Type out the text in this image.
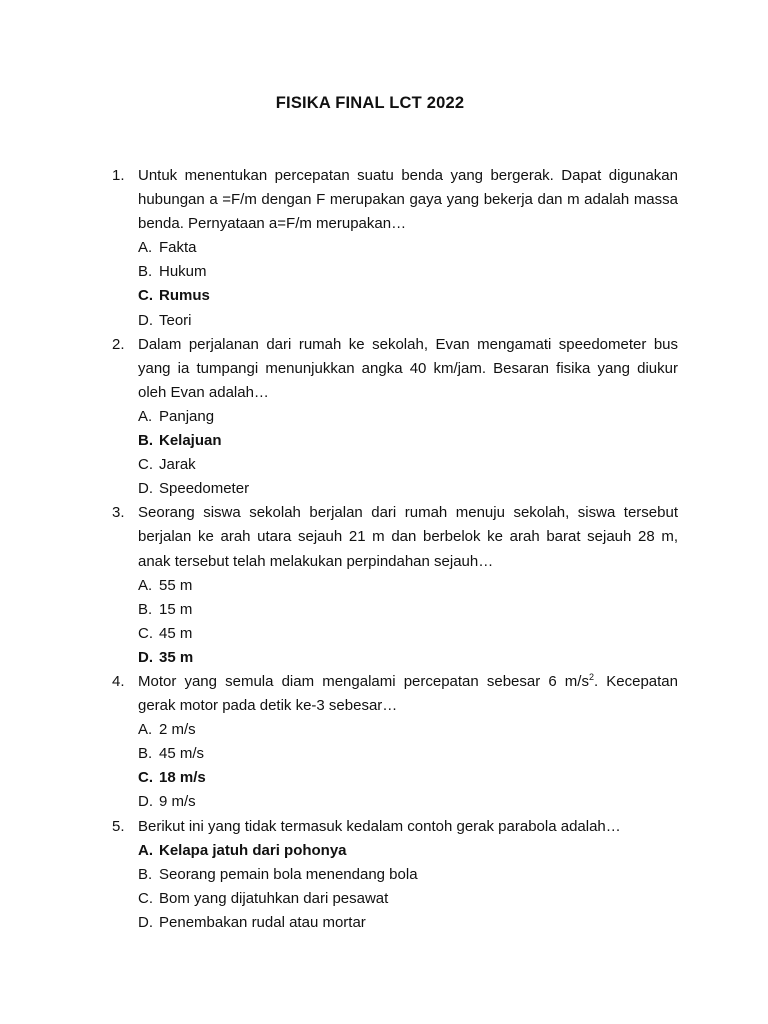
FISIKA FINAL LCT 2022
1. Untuk menentukan percepatan suatu benda yang bergerak. Dapat digunakan hubungan a =F/m dengan F merupakan gaya yang bekerja dan m adalah massa benda. Pernyataan a=F/m merupakan…

A. Fakta
B. Hukum
C. Rumus
D. Teori
2. Dalam perjalanan dari rumah ke sekolah, Evan mengamati speedometer bus yang ia tumpangi menunjukkan angka 40 km/jam. Besaran fisika yang diukur oleh Evan adalah…

A. Panjang
B. Kelajuan
C. Jarak
D. Speedometer
3. Seorang siswa sekolah berjalan dari rumah menuju sekolah, siswa tersebut berjalan ke arah utara sejauh 21 m dan berbelok ke arah barat sejauh 28 m, anak tersebut telah melakukan perpindahan sejauh…

A. 55 m
B. 15 m
C. 45 m
D. 35 m
4. Motor yang semula diam mengalami percepatan sebesar 6 $m/s^2$. Kecepatan gerak motor pada detik ke-3 sebesar…

A. 2 m/s
B. 45 m/s
C. 18 m/s
D. 9 m/s
5. Berikut ini yang tidak termasuk kedalam contoh gerak parabola adalah…

A. Kelapa jatuh dari pohonya
B. Seorang pemain bola menendang bola
C. Bom yang dijatuhkan dari pesawat
D. Penembakan rudal atau mortar
